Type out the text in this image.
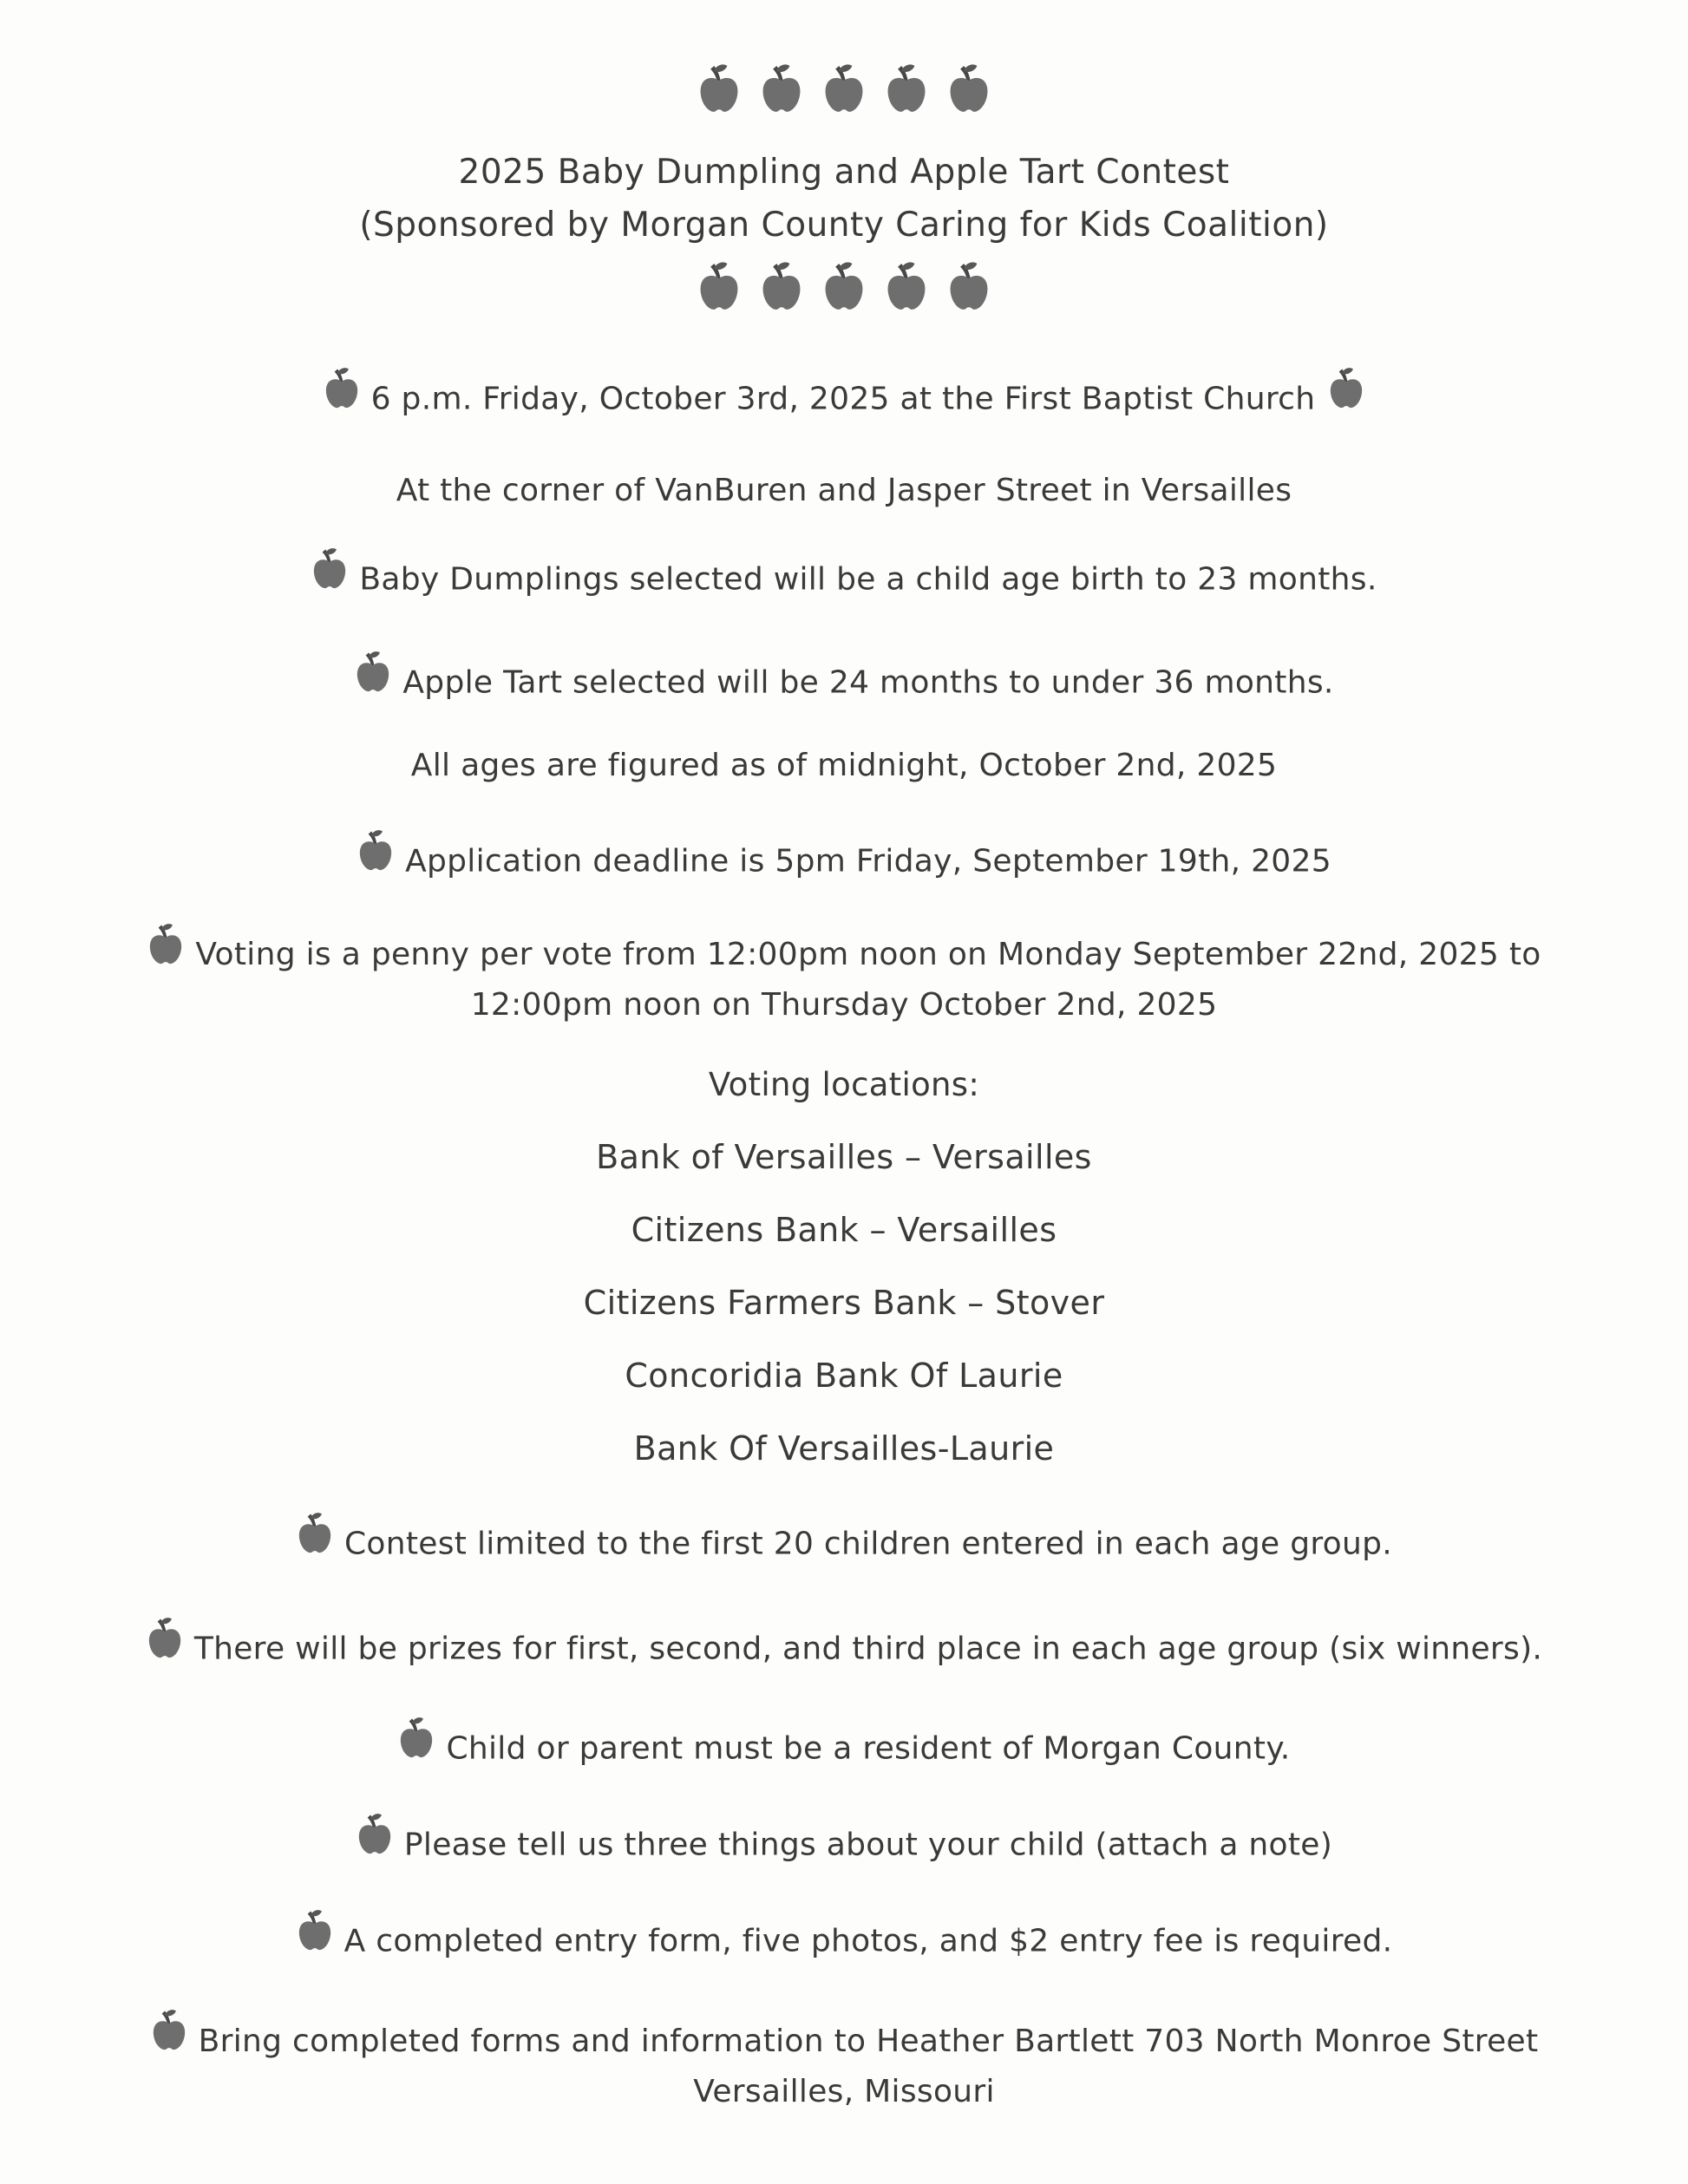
2025 Baby Dumpling and Apple Tart Contest
(Sponsored by Morgan County Caring for Kids Coalition)
6 p.m. Friday, October 3rd, 2025 at the First Baptist Church
At the corner of VanBuren and Jasper Street in Versailles
Baby Dumplings selected will be a child age birth to 23 months.
Apple Tart selected will be 24 months to under 36 months.
All ages are figured as of midnight, October 2nd, 2025
Application deadline is 5pm Friday, September 19th, 2025
Voting is a penny per vote from 12:00pm noon on Monday September 22nd, 2025 to
12:00pm noon on Thursday October 2nd, 2025
Voting locations:
Bank of Versailles – Versailles
Citizens Bank – Versailles
Citizens Farmers Bank – Stover
Concoridia Bank Of Laurie
Bank Of Versailles-Laurie
Contest limited to the first 20 children entered in each age group.
There will be prizes for first, second, and third place in each age group (six winners).
Child or parent must be a resident of Morgan County.
Please tell us three things about your child (attach a note)
A completed entry form, five photos, and $2 entry fee is required.
Bring completed forms and information to Heather Bartlett 703 North Monroe Street
Versailles, Missouri
